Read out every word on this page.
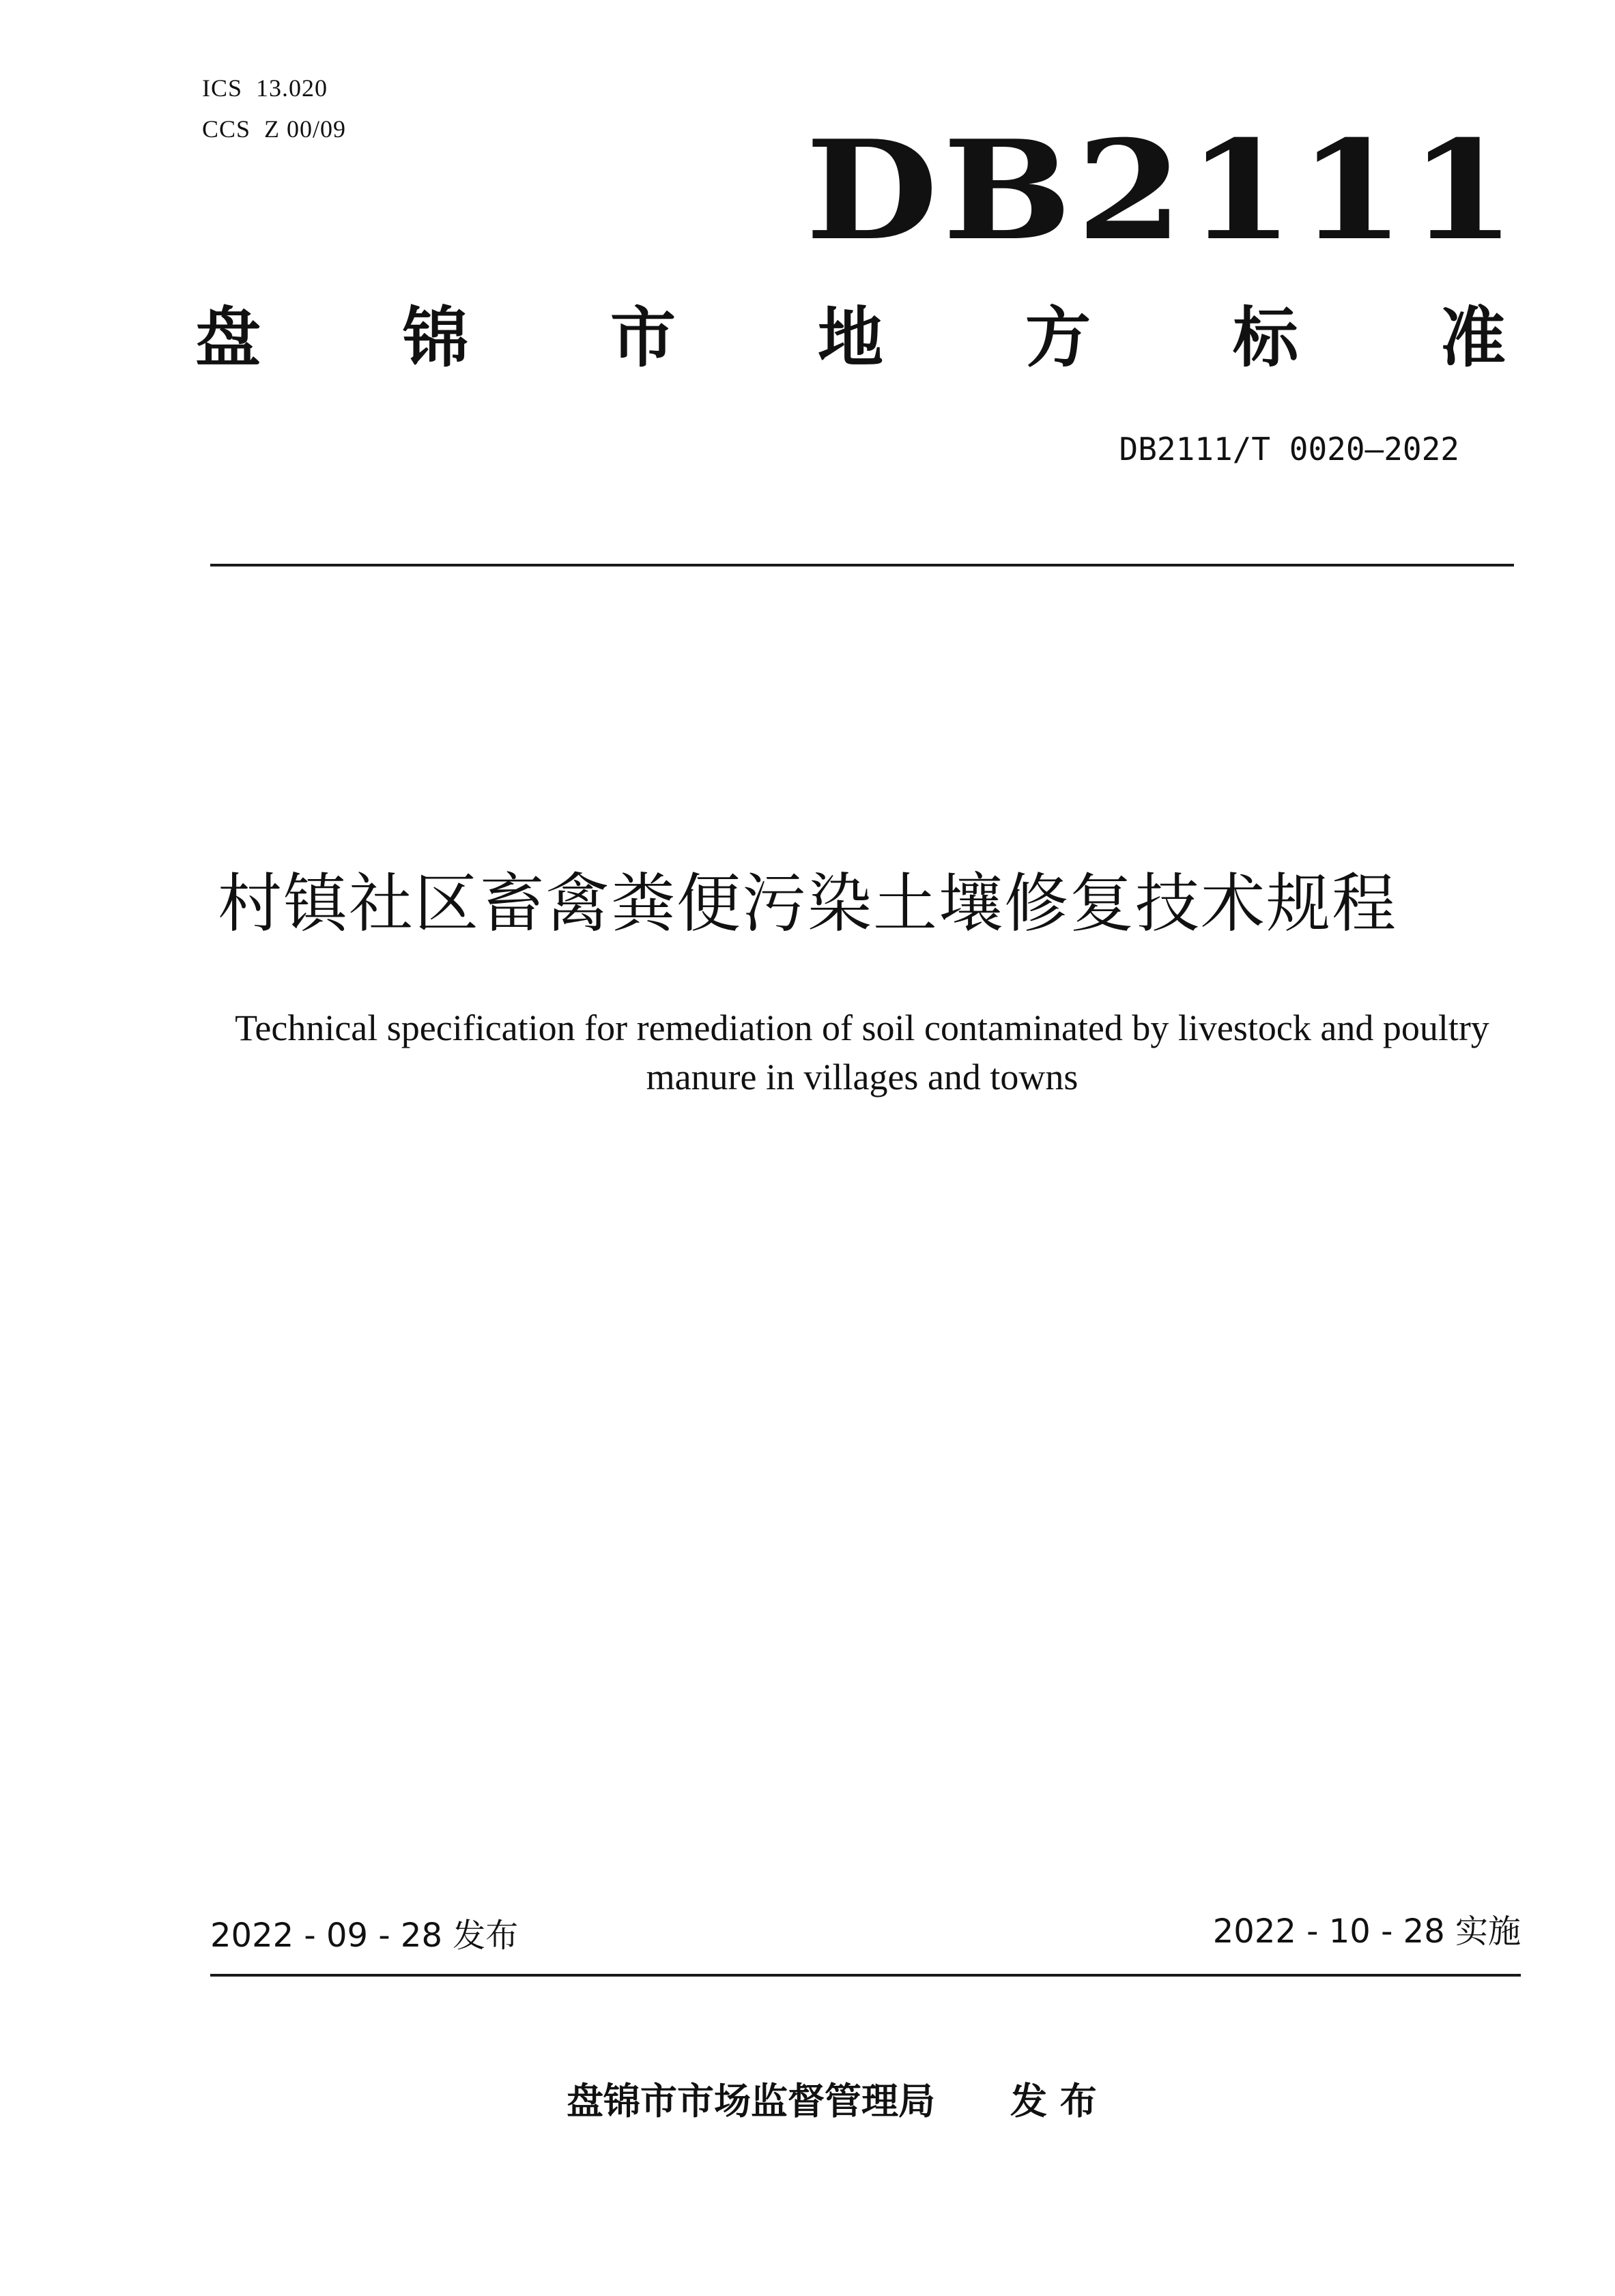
ICS  13.020
CCS  Z 00/09	DB2111
盘 锦 市 地 方 标 准
DB2111/T 0020—2022
村镇社区畜禽粪便污染土壤修复技术规程
Technical specification for remediation of soil contaminated by livestock and poultry
manure in villages and towns
2022 - 09 - 28 发布	2022 - 10 - 28 实施
盘锦市市场监督管理局 发 布
